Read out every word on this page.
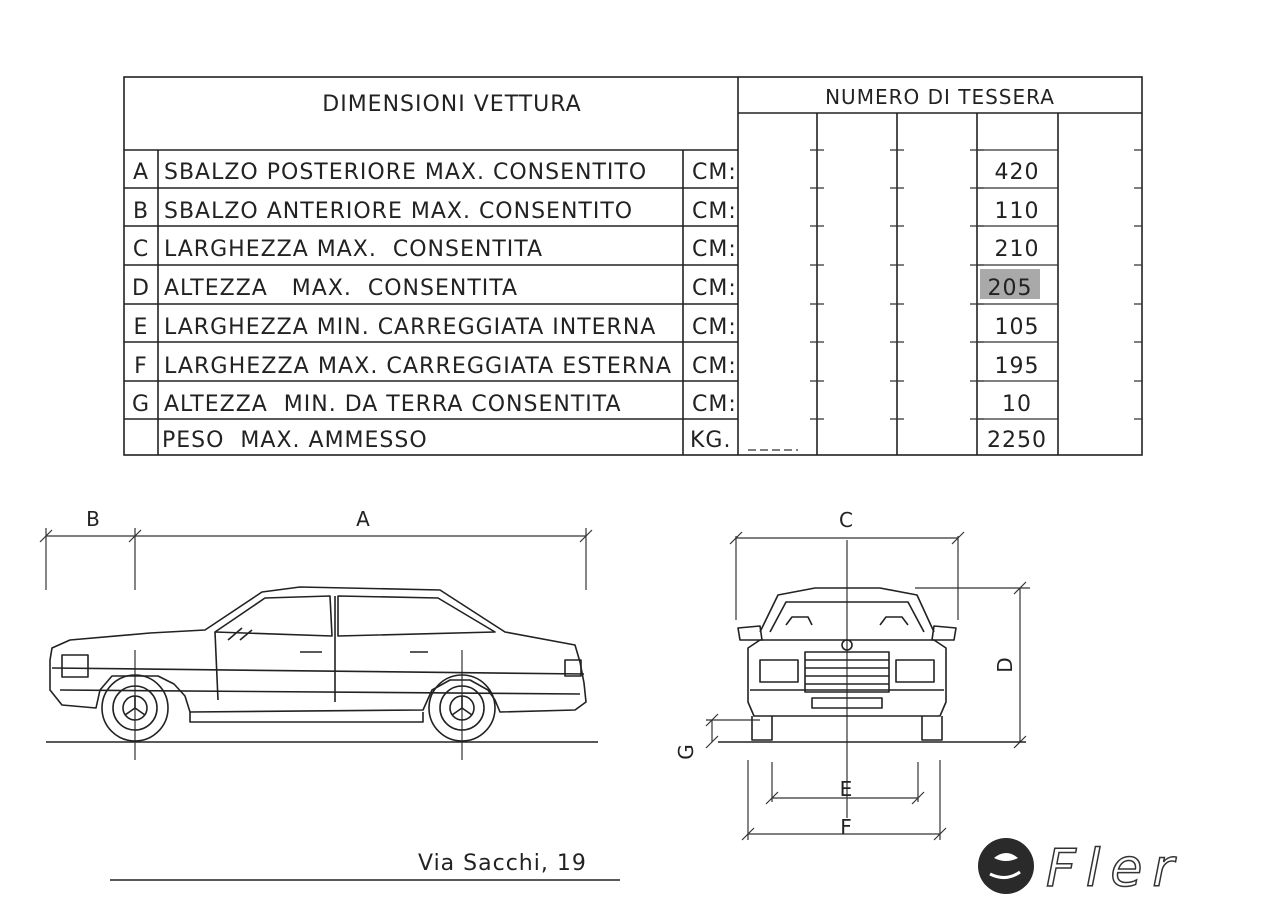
DIMENSIONI VETTURA	NUMERO DI TESSERA
A SBALZO POSTERIORE MAX. CONSENTITO CM:	420
B SBALZO ANTERIORE MAX. CONSENTITO	CM:	110
C LARGHEZZA MAX.  CONSENTITA	CM:	210
D ALTEZZA   MAX.  CONSENTITA	CM:	205
E LARGHEZZA MIN. CARREGGIATA INTERNA CM:	105
F LARGHEZZA MAX. CARREGGIATA ESTERNA CM:	195
G ALTEZZA  MIN. DA TERRA CONSENTITA	CM:	10
PESO  MAX. AMMESSO	KG.	2250
B	A	C
D
G
E
F
Via Sacchi, 19	Fler
